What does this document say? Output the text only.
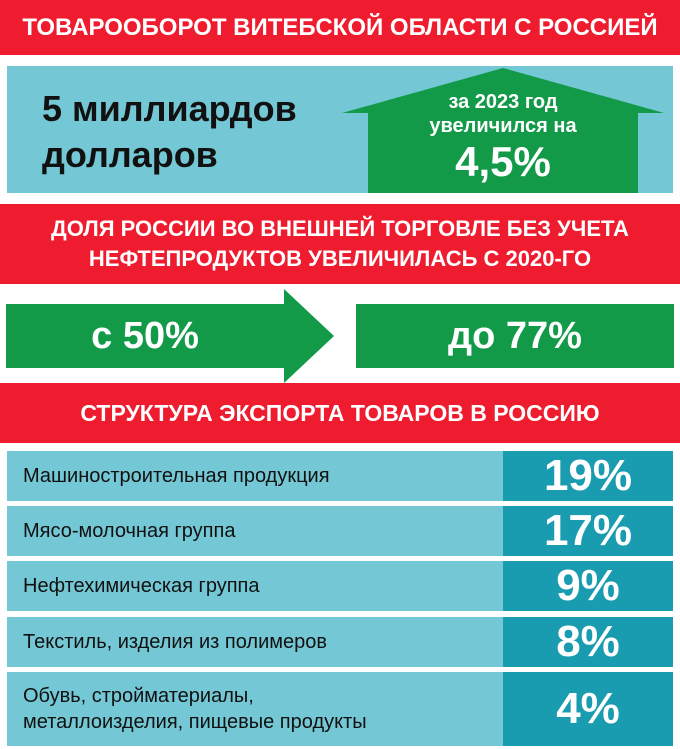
ТОВАРООБОРОТ ВИТЕБСКОЙ ОБЛАСТИ С РОССИЕЙ
5 миллиардов
долларов
за 2023 год
увеличился на
4,5%
ДОЛЯ РОССИИ ВО ВНЕШНЕЙ ТОРГОВЛЕ БЕЗ УЧЕТА
НЕФТЕПРОДУКТОВ УВЕЛИЧИЛАСЬ С 2020-ГО
с 50%	до 77%
СТРУКТУРА ЭКСПОРТА ТОВАРОВ В РОССИЮ
Машиностроительная продукция	19%
Мясо-молочная группа	17%
Нефтехимическая группа	9%
Текстиль, изделия из полимеров	8%
Обувь, стройматериалы,
металлоизделия, пищевые продукты	4%
